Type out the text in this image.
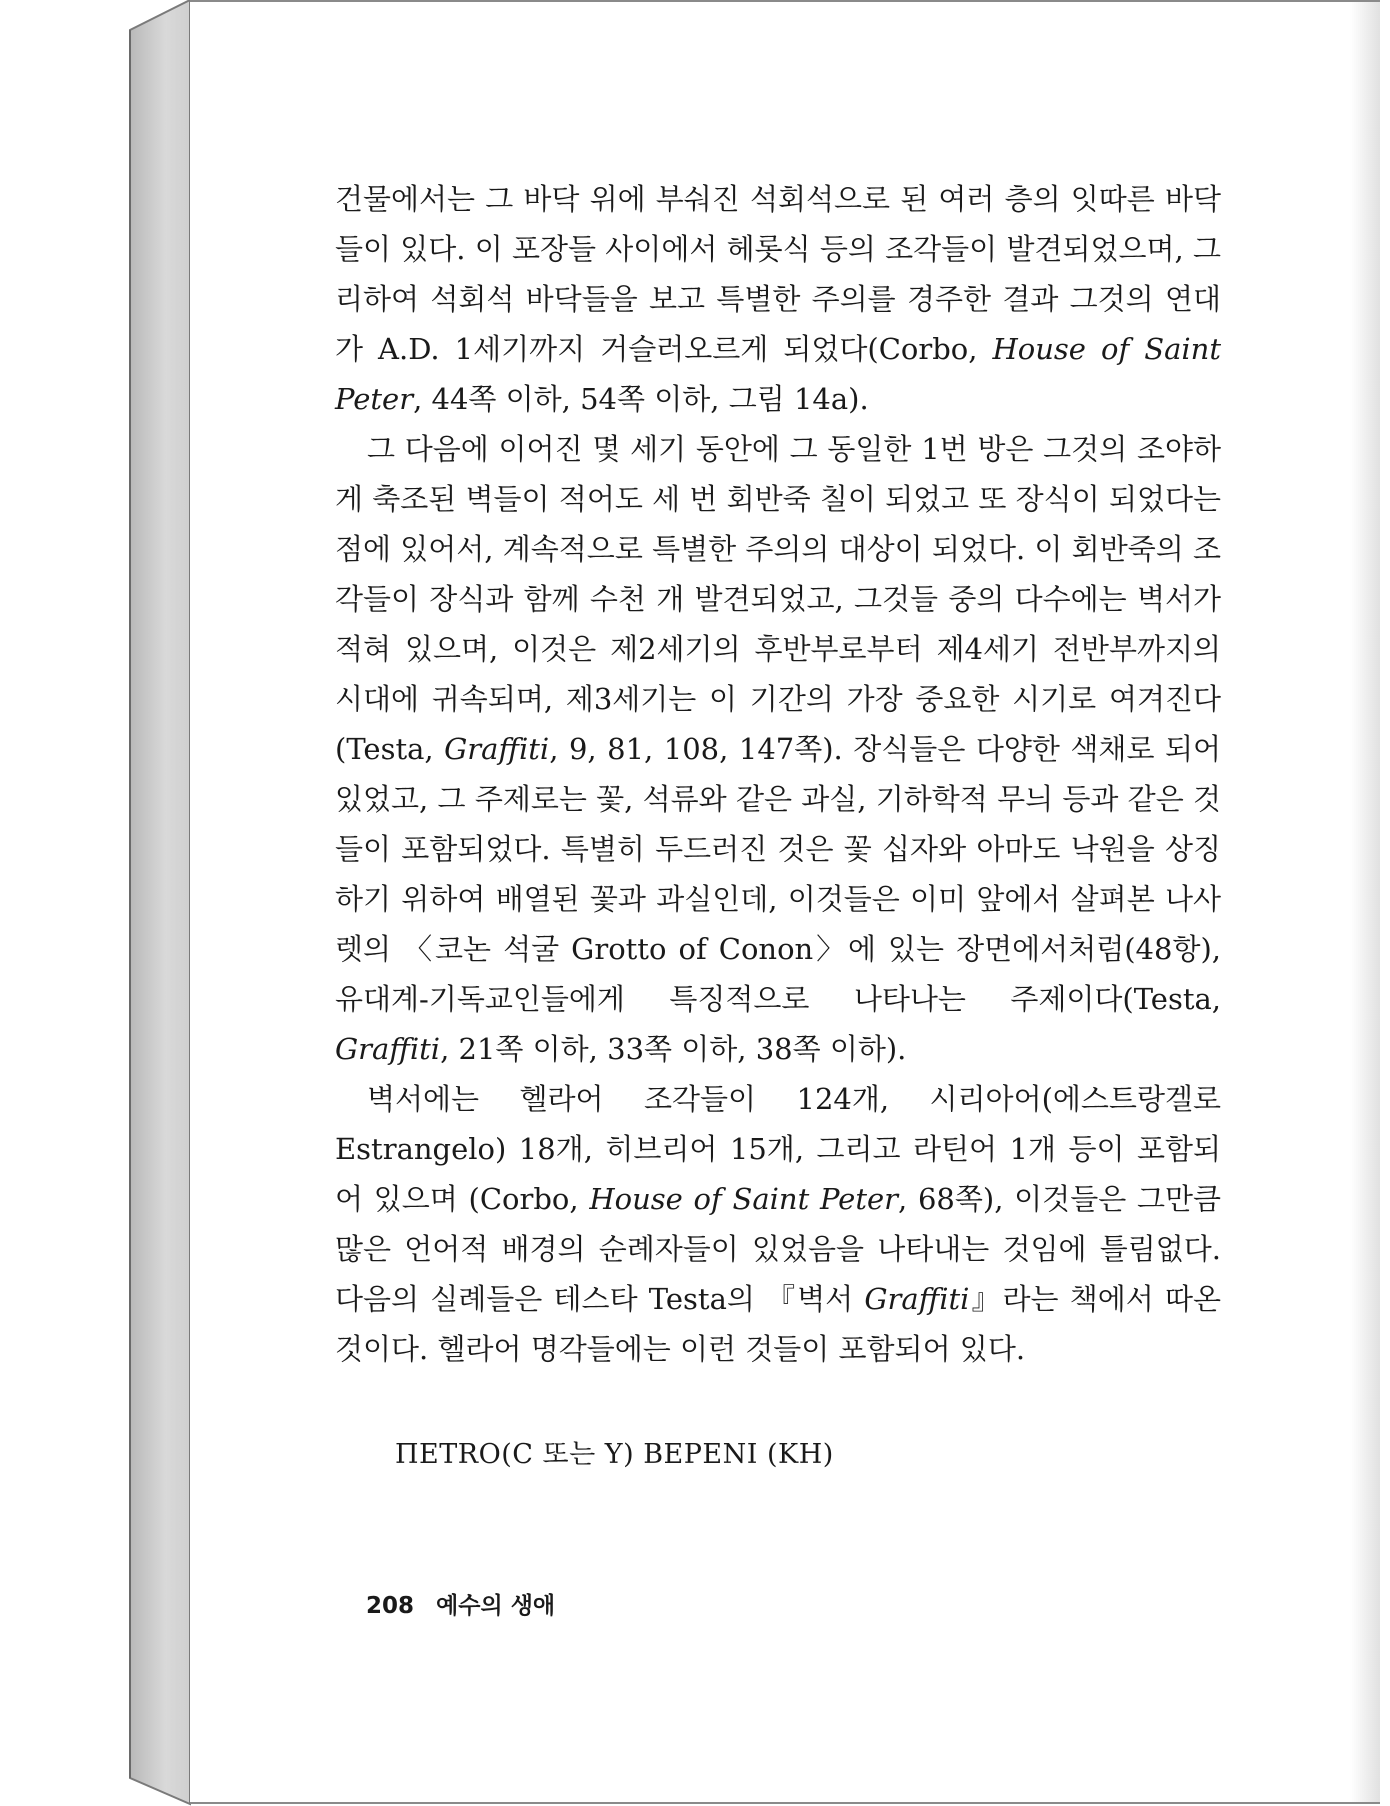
건물에서는 그 바닥 위에 부숴진 석회석으로 된 여러 층의 잇따른 바닥들이 있다. 이 포장들 사이에서 헤롯식 등의 조각들이 발견되었으며, 그리하여 석회석 바닥들을 보고 특별한 주의를 경주한 결과 그것의 연대가 A.D. 1세기까지 거슬러오르게 되었다(Corbo, House of Saint Peter, 44쪽 이하, 54쪽 이하, 그림 14a).

그 다음에 이어진 몇 세기 동안에 그 동일한 1번 방은 그것의 조야하게 축조된 벽들이 적어도 세 번 회반죽 칠이 되었고 또 장식이 되었다는 점에 있어서, 계속적으로 특별한 주의의 대상이 되었다. 이 회반죽의 조각들이 장식과 함께 수천 개 발견되었고, 그것들 중의 다수에는 벽서가 적혀 있으며, 이것은 제2세기의 후반부로부터 제4세기 전반부까지의 시대에 귀속되며, 제3세기는 이 기간의 가장 중요한 시기로 여겨진다(Testa, Graffiti, 9, 81, 108, 147쪽). 장식들은 다양한 색채로 되어 있었고, 그 주제로는 꽃, 석류와 같은 과실, 기하학적 무늬 등과 같은 것들이 포함되었다. 특별히 두드러진 것은 꽃 십자와 아마도 낙원을 상징하기 위하여 배열된 꽃과 과실인데, 이것들은 이미 앞에서 살펴본 나사렛의 〈코논 석굴 Grotto of Conon〉에 있는 장면에서처럼(48항), 유대계-기독교인들에게 특징적으로 나타나는 주제이다(Testa, Graffiti, 21쪽 이하, 33쪽 이하, 38쪽 이하).

벽서에는 헬라어 조각들이 124개, 시리아어(에스트랑겔로 Estrangelo) 18개, 히브리어 15개, 그리고 라틴어 1개 등이 포함되어 있으며 (Corbo, House of Saint Peter, 68쪽), 이것들은 그만큼 많은 언어적 배경의 순례자들이 있었음을 나타내는 것임에 틀림없다. 다음의 실례들은 테스타 Testa의 『벽서 Graffiti』라는 책에서 따온 것이다. 헬라어 명각들에는 이런 것들이 포함되어 있다.

ПETRO(C 또는 Y) BEPENI (KH)
208 예수의 생애
